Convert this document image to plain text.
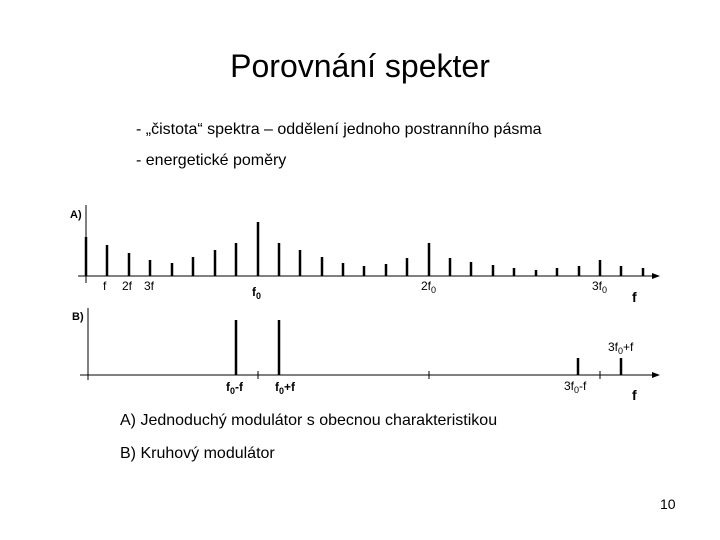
Porovnání spekter
- „čistota“ spektra – oddělení jednoho postranního pásma
- energetické poměry
A)
f 2f 3f	$f_0$
$2f_0$	$3f_0$ f
B)
$f_0-f$	$f_0+f$	$3f_0-f$
$3f_0+f$
f
A) Jednoduchý modulátor s obecnou charakteristikou
B) Kruhový modulátor
10
